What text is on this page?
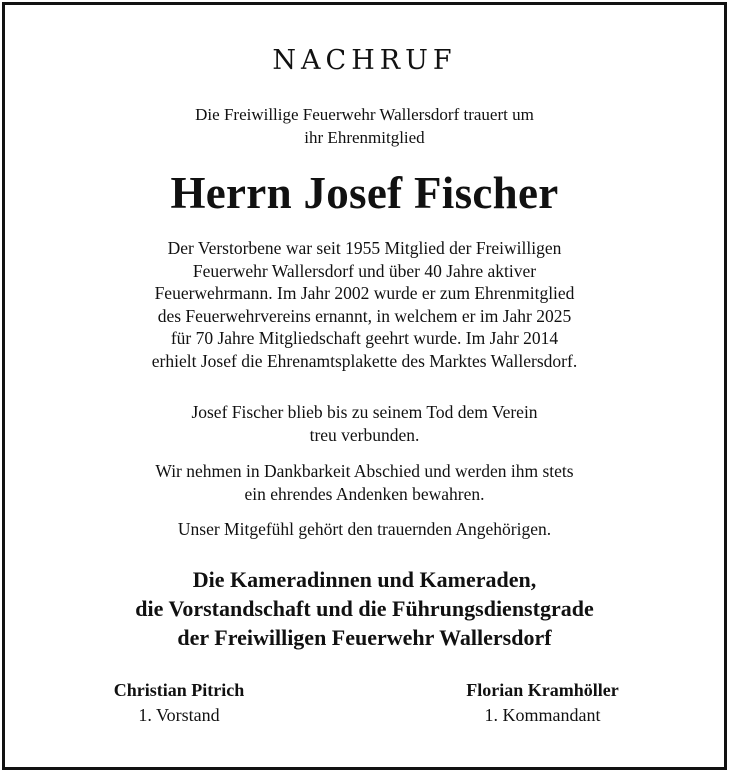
NACHRUF
Die Freiwillige Feuerwehr Wallersdorf trauert um
ihr Ehrenmitglied
Herrn Josef Fischer
Der Verstorbene war seit 1955 Mitglied der Freiwilligen
Feuerwehr Wallersdorf und über 40 Jahre aktiver
Feuerwehrmann. Im Jahr 2002 wurde er zum Ehrenmitglied
des Feuerwehrvereins ernannt, in welchem er im Jahr 2025
für 70 Jahre Mitgliedschaft geehrt wurde. Im Jahr 2014
erhielt Josef die Ehrenamtsplakette des Marktes Wallersdorf.
Josef Fischer blieb bis zu seinem Tod dem Verein
treu verbunden.
Wir nehmen in Dankbarkeit Abschied und werden ihm stets
ein ehrendes Andenken bewahren.
Unser Mitgefühl gehört den trauernden Angehörigen.
Die Kameradinnen und Kameraden,
die Vorstandschaft und die Führungsdienstgrade
der Freiwilligen Feuerwehr Wallersdorf
Christian Pitrich
1. Vorstand
Florian Kramhöller
1. Kommandant
